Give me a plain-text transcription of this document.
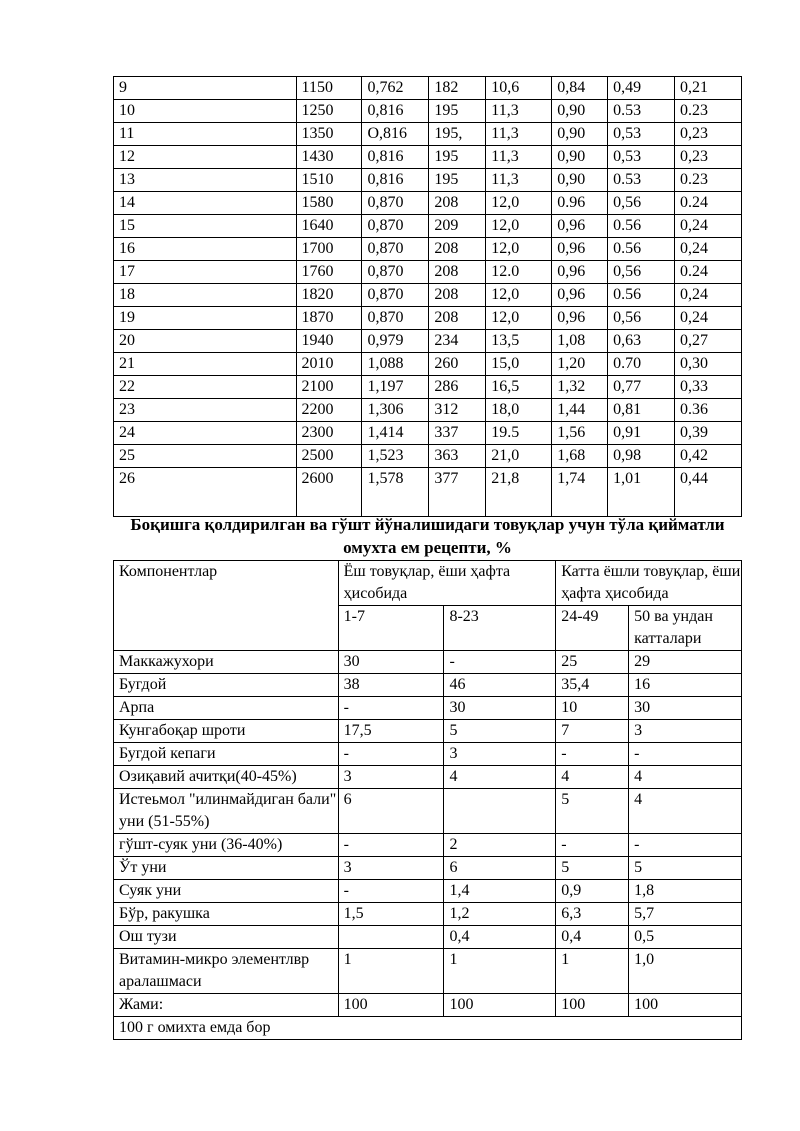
9	1150	0,762	182	10,6	0,84	0,49	0,21
10	1250	0,816	195	11,3	0,90	0.53	0.23
11	1350	О,816	195,	11,3	0,90	0,53	0,23
12	1430	0,816	195	11,3	0,90	0,53	0,23
13	1510	0,816	195	11,3	0,90	0.53	0.23
14	1580	0,870	208	12,0	0.96	0,56	0.24
15	1640	0,870	209	12,0	0,96	0.56	0,24
16	1700	0,870	208	12,0	0,96	0.56	0,24
17	1760	0,870	208	12.0	0,96	0,56	0.24
18	1820	0,870	208	12,0	0,96	0.56	0,24
19	1870	0,870	208	12,0	0,96	0,56	0,24
20	1940	0,979	234	13,5	1,08	0,63	0,27
21	2010	1,088	260	15,0	1,20	0.70	0,30
22	2100	1,197	286	16,5	1,32	0,77	0,33
23	2200	1,306	312	18,0	1,44	0,81	0.36
24	2300	1,414	337	19.5	1,56	0,91	0,39
25	2500	1,523	363	21,0	1,68	0,98	0,42
26	2600	1,578	377	21,8	1,74	1,01	0,44
Боқишга қолдирилган ва гўшт йўналишидаги товуқлар учун тўла қийматли омухта ем рецепти, %
Компонентлар	Ёш товуқлар, ёши ҳафта ҳисобида		Катта ёшли товуқлар, ёши ҳафта ҳисобида	
	1-7	8-23	24-49	50 ва ундан катталари
Маккажухори	30	-	25	29
Бугдой	38	46	35,4	16
Арпа	-	30	10	30
Кунгабоқар шроти	17,5	5	7	3
Бугдой кепаги	-	3	-	-
Озиқавий ачитқи(40-45%)	3	4	4	4
Истеьмол "илинмайдиган бали" уни (51-55%)	6		5	4
гўшт-суяк уни (36-40%)	-	2	-	-
Ўт уни	3	6	5	5
Суяк уни	-	1,4	0,9	1,8
Бўр, ракушка	1,5	1,2	6,3	5,7
Ош тузи		0,4	0,4	0,5
Витамин-микро элементлвр аралашмаси	1	1	1	1,0
Жами:	100	100	100	100
100 г омихта емда бор				
